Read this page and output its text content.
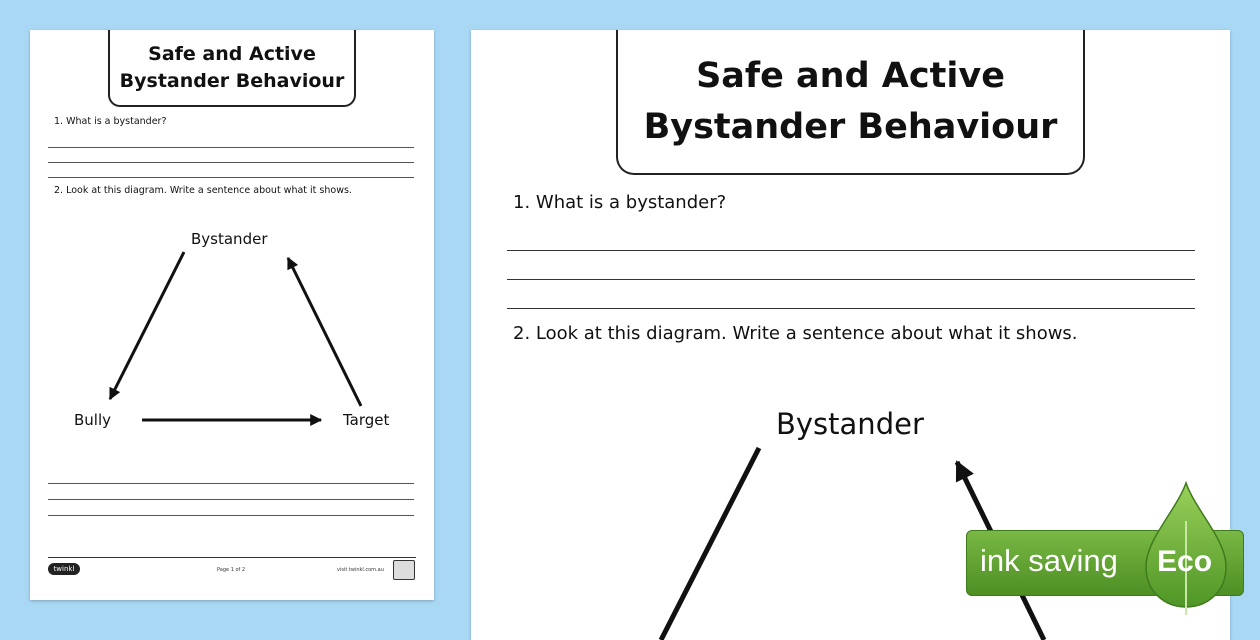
Safe and Active
Bystander Behaviour
1. What is a bystander?
2. Look at this diagram. Write a sentence about what it shows.
Bystander
Bully	Target
twinkl	Page 1 of 2	visit twinkl.com.au
Safe and Active
Bystander Behaviour
1. What is a bystander?
2. Look at this diagram. Write a sentence about what it shows.
Bystander
ink saving Eco
